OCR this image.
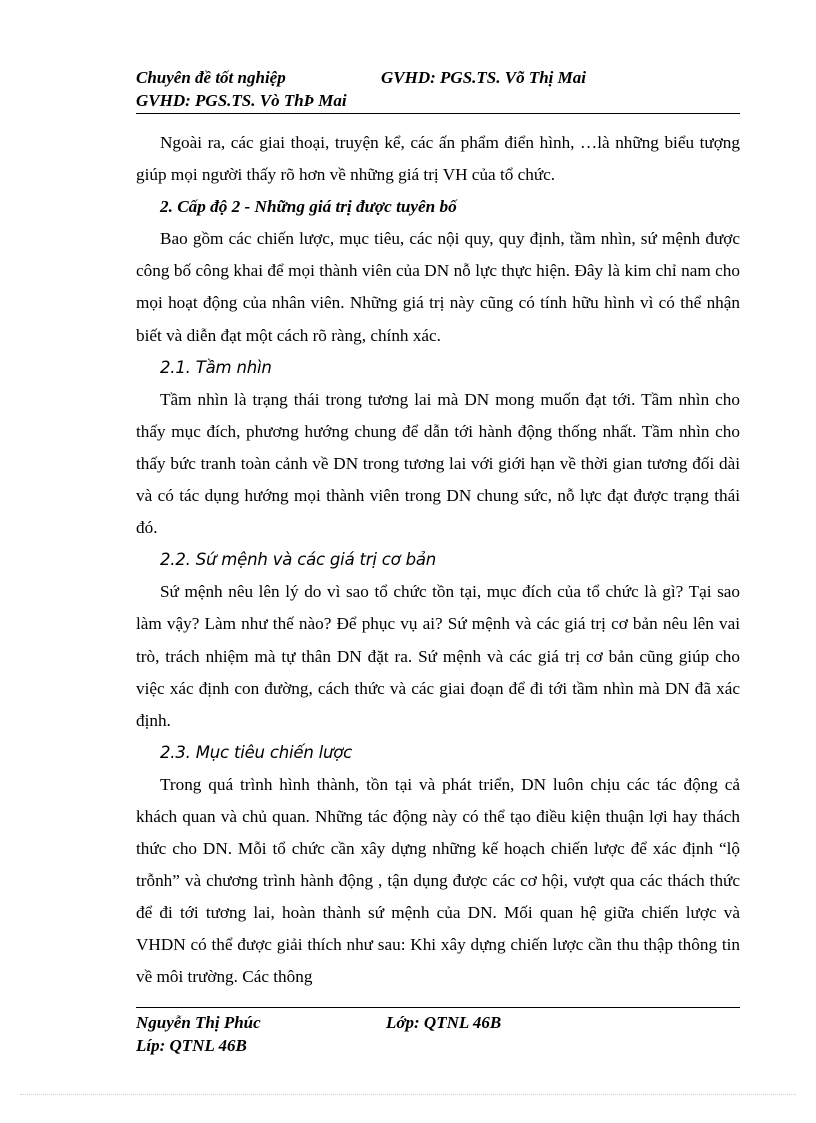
Chuyên đề tốt nghiệp	GVHD: PGS.TS. Võ Thị Mai
GVHD: PGS.TS. Vò ThÞ Mai

Ngoài ra, các giai thoại, truyện kể, các ấn phẩm điển hình, …là những biểu tượng giúp mọi người thấy rõ hơn về những giá trị VH của tổ chức.

2. Cấp độ 2 - Những giá trị được tuyên bố

Bao gồm các chiến lược, mục tiêu, các nội quy, quy định, tầm nhìn, sứ mệnh được công bố công khai để mọi thành viên của DN nỗ lực thực hiện. Đây là kim chỉ nam cho mọi hoạt động của nhân viên. Những giá trị này cũng có tính hữu hình vì có thể nhận biết và diễn đạt một cách rõ ràng, chính xác.

2.1. Tầm nhìn

Tầm nhìn là trạng thái trong tương lai mà DN mong muốn đạt tới. Tầm nhìn cho thấy mục đích, phương hướng chung để dẫn tới hành động thống nhất. Tầm nhìn cho thấy bức tranh toàn cảnh về DN trong tương lai với giới hạn về thời gian tương đối dài và có tác dụng hướng mọi thành viên trong DN chung sức, nỗ lực đạt được trạng thái đó.

2.2. Sứ mệnh và các giá trị cơ bản

Sứ mệnh nêu lên lý do vì sao tổ chức tồn tại, mục đích của tổ chức là gì? Tại sao làm vậy? Làm như thế nào? Để phục vụ ai? Sứ mệnh và các giá trị cơ bản nêu lên vai trò, trách nhiệm mà tự thân DN đặt ra. Sứ mệnh và các giá trị cơ bản cũng giúp cho việc xác định con đường, cách thức và các giai đoạn để đi tới tầm nhìn mà DN đã xác định.

2.3. Mục tiêu chiến lược

Trong quá trình hình thành, tồn tại và phát triển, DN luôn chịu các tác động cả khách quan và chủ quan. Những tác động này có thể tạo điều kiện thuận lợi hay thách thức cho DN. Mỗi tổ chức cần xây dựng những kế hoạch chiến lược để xác định “lộ trỗnh” và chương trình hành động , tận dụng được các cơ hội, vượt qua các thách thức để đi tới tương lai, hoàn thành sứ mệnh của DN. Mối quan hệ giữa chiến lược và VHDN có thể được giải thích như sau: Khi xây dựng chiến lược cần thu thập thông tin về môi trường. Các thông

Nguyễn Thị Phúc	Lớp: QTNL 46B
Líp: QTNL 46B
